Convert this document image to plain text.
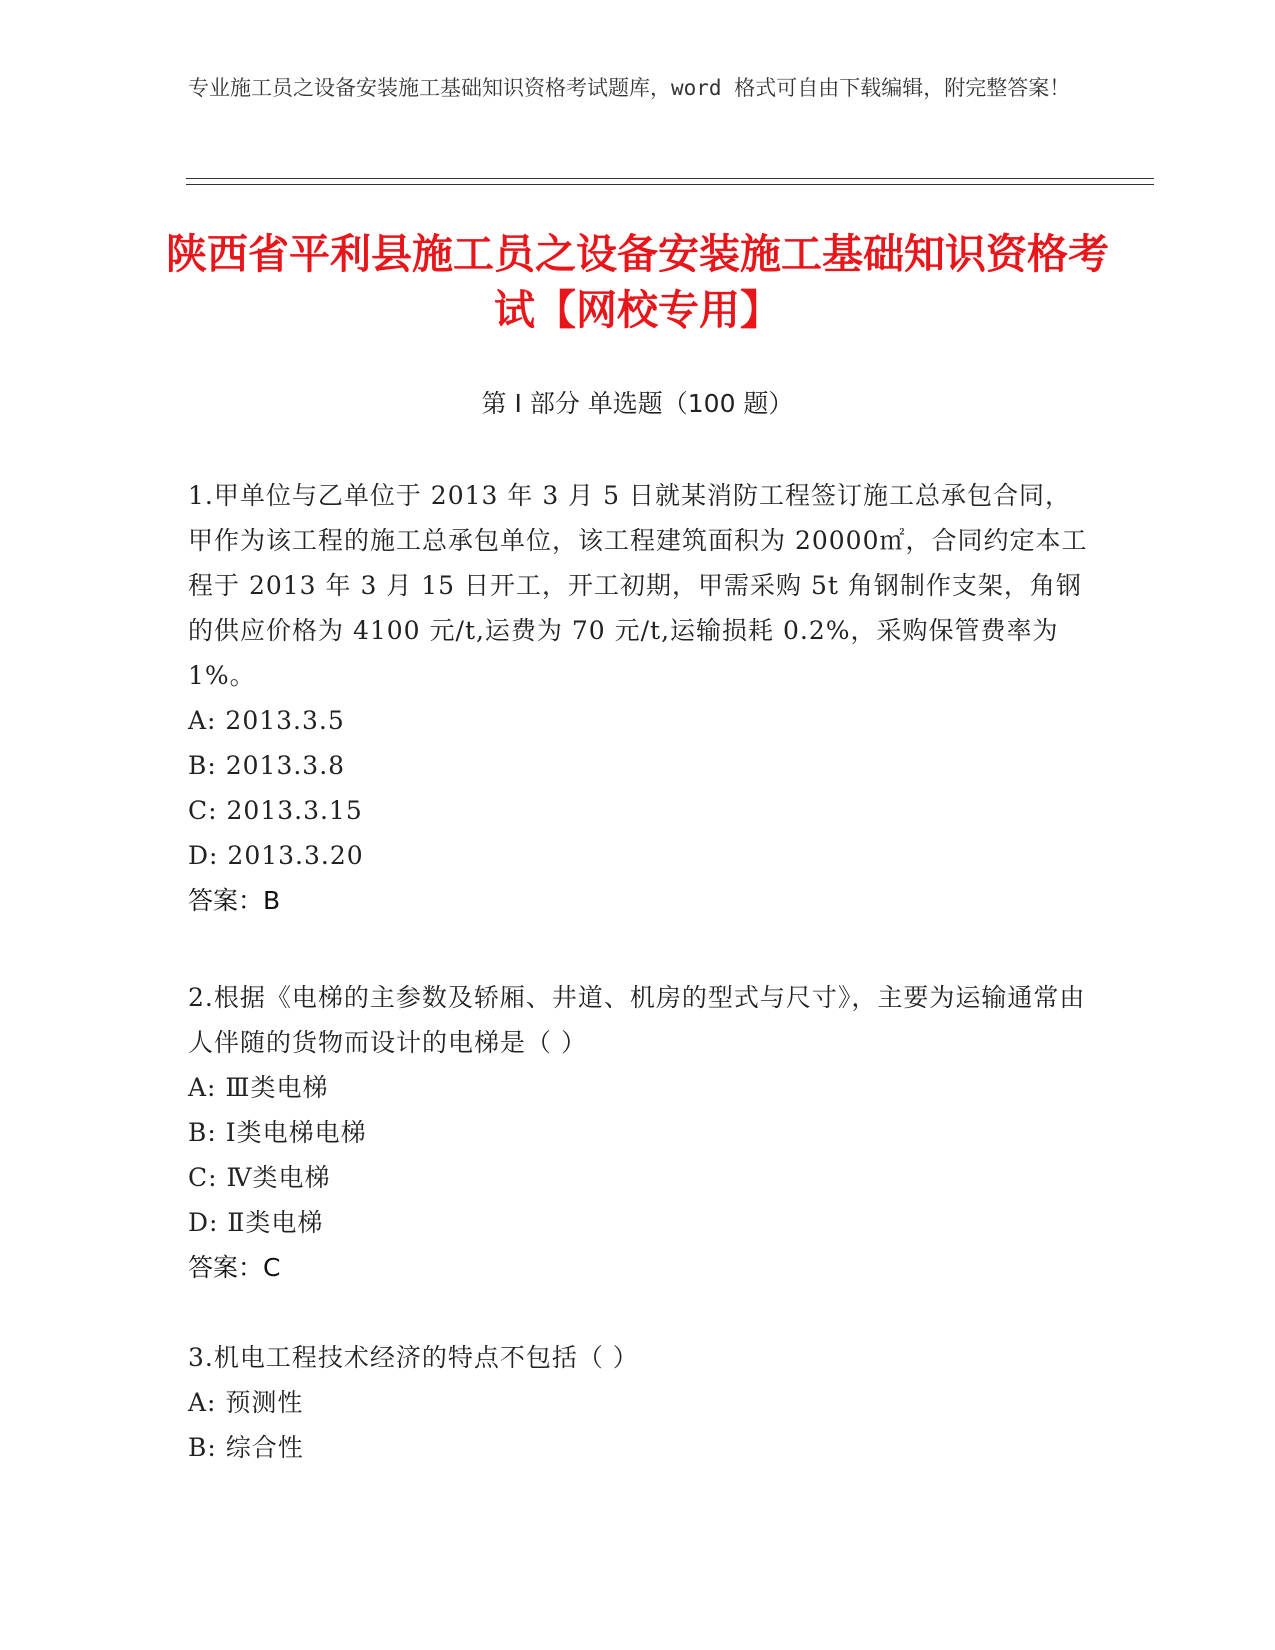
专业施工员之设备安装施工基础知识资格考试题库，word 格式可自由下载编辑，附完整答案！
陕西省平利县施工员之设备安装施工基础知识资格考试【网校专用】
第 I 部分 单选题（100 题）

1.甲单位与乙单位于 2013 年 3 月 5 日就某消防工程签订施工总承包合同，甲作为该工程的施工总承包单位，该工程建筑面积为 20000㎡，合同约定本工程于 2013 年 3 月 15 日开工，开工初期，甲需采购 5t 角钢制作支架，角钢的供应价格为 4100 元/t,运费为 70 元/t,运输损耗 0.2%，采购保管费率为 1%。

A: 2013.3.5
B: 2013.3.8
C: 2013.3.15
D: 2013.3.20
答案：B

2.根据《电梯的主参数及轿厢、井道、机房的型式与尺寸》，主要为运输通常由人伴随的货物而设计的电梯是（ ）

A: Ⅲ类电梯
B: Ⅰ类电梯电梯
C: Ⅳ类电梯
D: Ⅱ类电梯
答案：C

3.机电工程技术经济的特点不包括（ ）

A: 预测性
B: 综合性
